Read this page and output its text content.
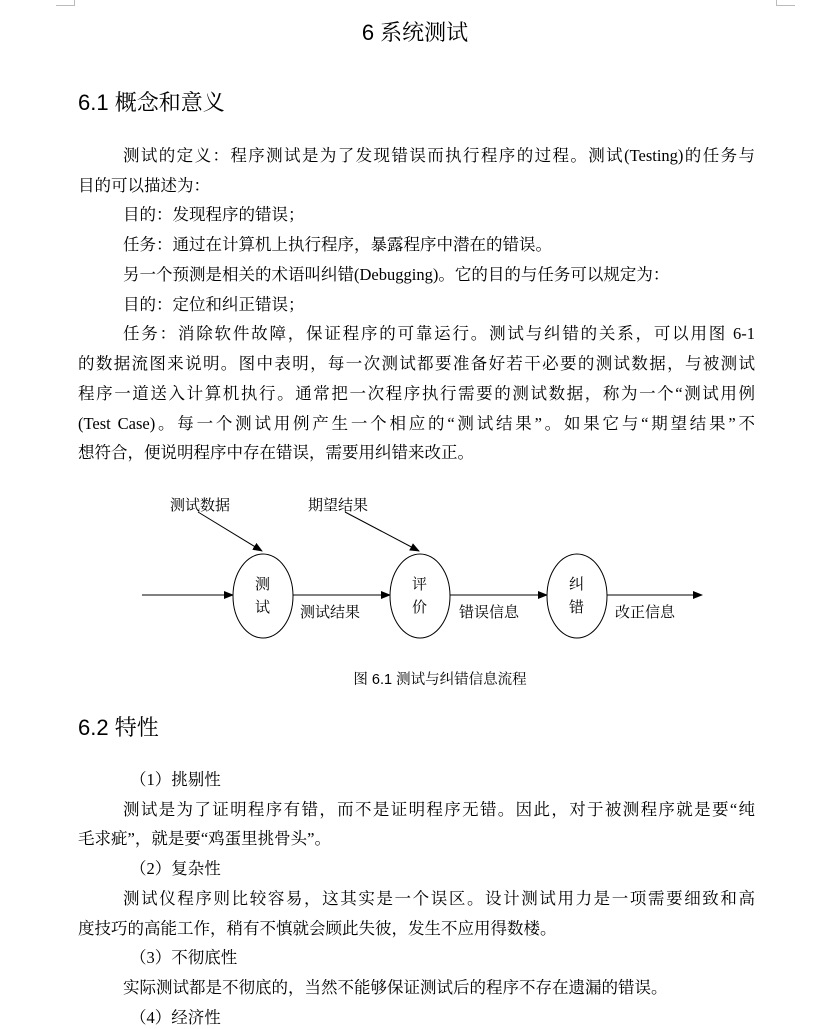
6 系统测试
6.1 概念和意义
测试的定义：程序测试是为了发现错误而执行程序的过程。测试(Testing)的任务与
目的可以描述为：
目的：发现程序的错误；
任务：通过在计算机上执行程序，暴露程序中潜在的错误。
另一个预测是相关的术语叫纠错(Debugging)。它的目的与任务可以规定为：
目的：定位和纠正错误；
任务：消除软件故障，保证程序的可靠运行。测试与纠错的关系，可以用图 6-1
的数据流图来说明。图中表明，每一次测试都要准备好若干必要的测试数据，与被测试
程序一道送入计算机执行。通常把一次程序执行需要的测试数据，称为一个“测试用例
(Test Case)。每一个测试用例产生一个相应的“测试结果”。如果它与“期望结果”不
想符合，便说明程序中存在错误，需要用纠错来改正。
测试数据	期望结果
测
试
评
价
纠
错
测试结果	错误信息	改正信息
图 6.1 测试与纠错信息流程
6.2 特性
（1）挑剔性
测试是为了证明程序有错，而不是证明程序无错。因此，对于被测程序就是要“纯
毛求疵”，就是要“鸡蛋里挑骨头”。
（2）复杂性
测试仪程序则比较容易，这其实是一个误区。设计测试用力是一项需要细致和高
度技巧的高能工作，稍有不慎就会顾此失彼，发生不应用得数楼。
（3）不彻底性
实际测试都是不彻底的，当然不能够保证测试后的程序不存在遗漏的错误。
（4）经济性
